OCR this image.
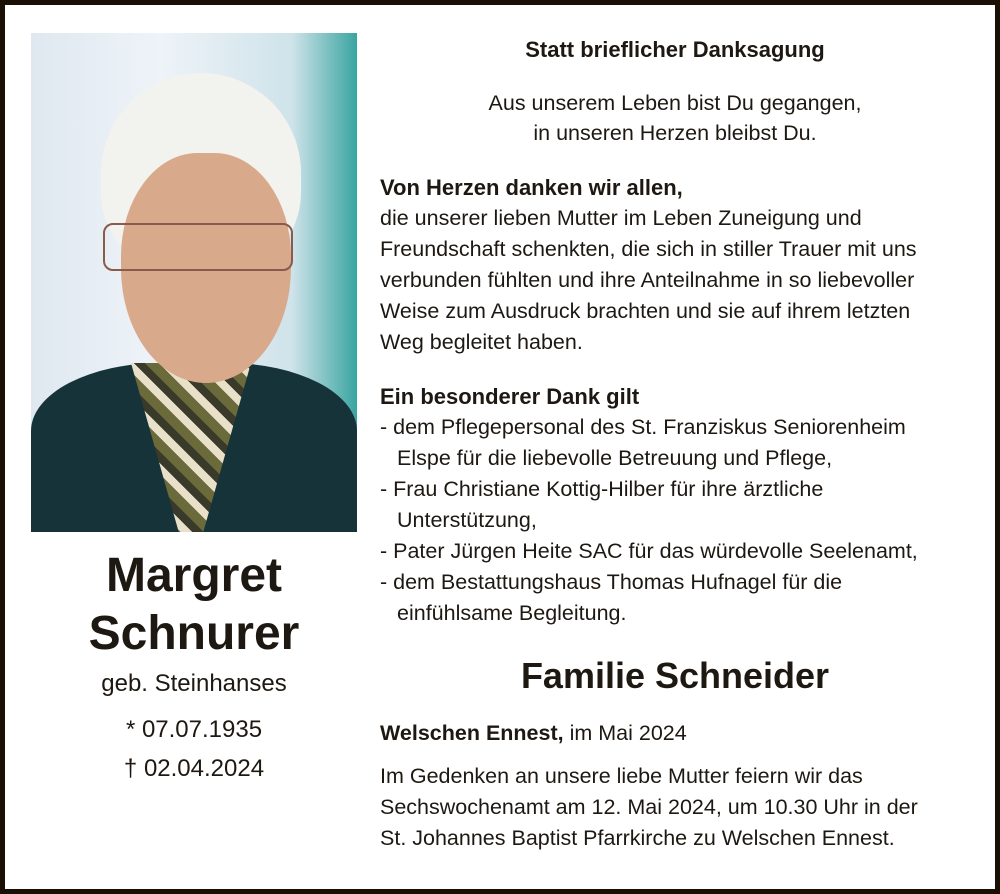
Margret
Schnurer
geb. Steinhanses
* 07.07.1935
† 02.04.2024
Statt brieflicher Danksagung
Aus unserem Leben bist Du gegangen,
in unseren Herzen bleibst Du.
Von Herzen danken wir allen,
die unserer lieben Mutter im Leben Zuneigung und
Freundschaft schenkten, die sich in stiller Trauer mit uns
verbunden fühlten und ihre Anteilnahme in so liebevoller
Weise zum Ausdruck brachten und sie auf ihrem letzten
Weg begleitet haben.
Ein besonderer Dank gilt
- dem Pflegepersonal des St. Franziskus Seniorenheim
Elspe für die liebevolle Betreuung und Pflege,
- Frau Christiane Kottig-Hilber für ihre ärztliche
Unterstützung,
- Pater Jürgen Heite SAC für das würdevolle Seelenamt,
- dem Bestattungshaus Thomas Hufnagel für die
einfühlsame Begleitung.
Familie Schneider
Welschen Ennest, im Mai 2024
Im Gedenken an unsere liebe Mutter feiern wir das
Sechswochenamt am 12. Mai 2024, um 10.30 Uhr in der
St. Johannes Baptist Pfarrkirche zu Welschen Ennest.
